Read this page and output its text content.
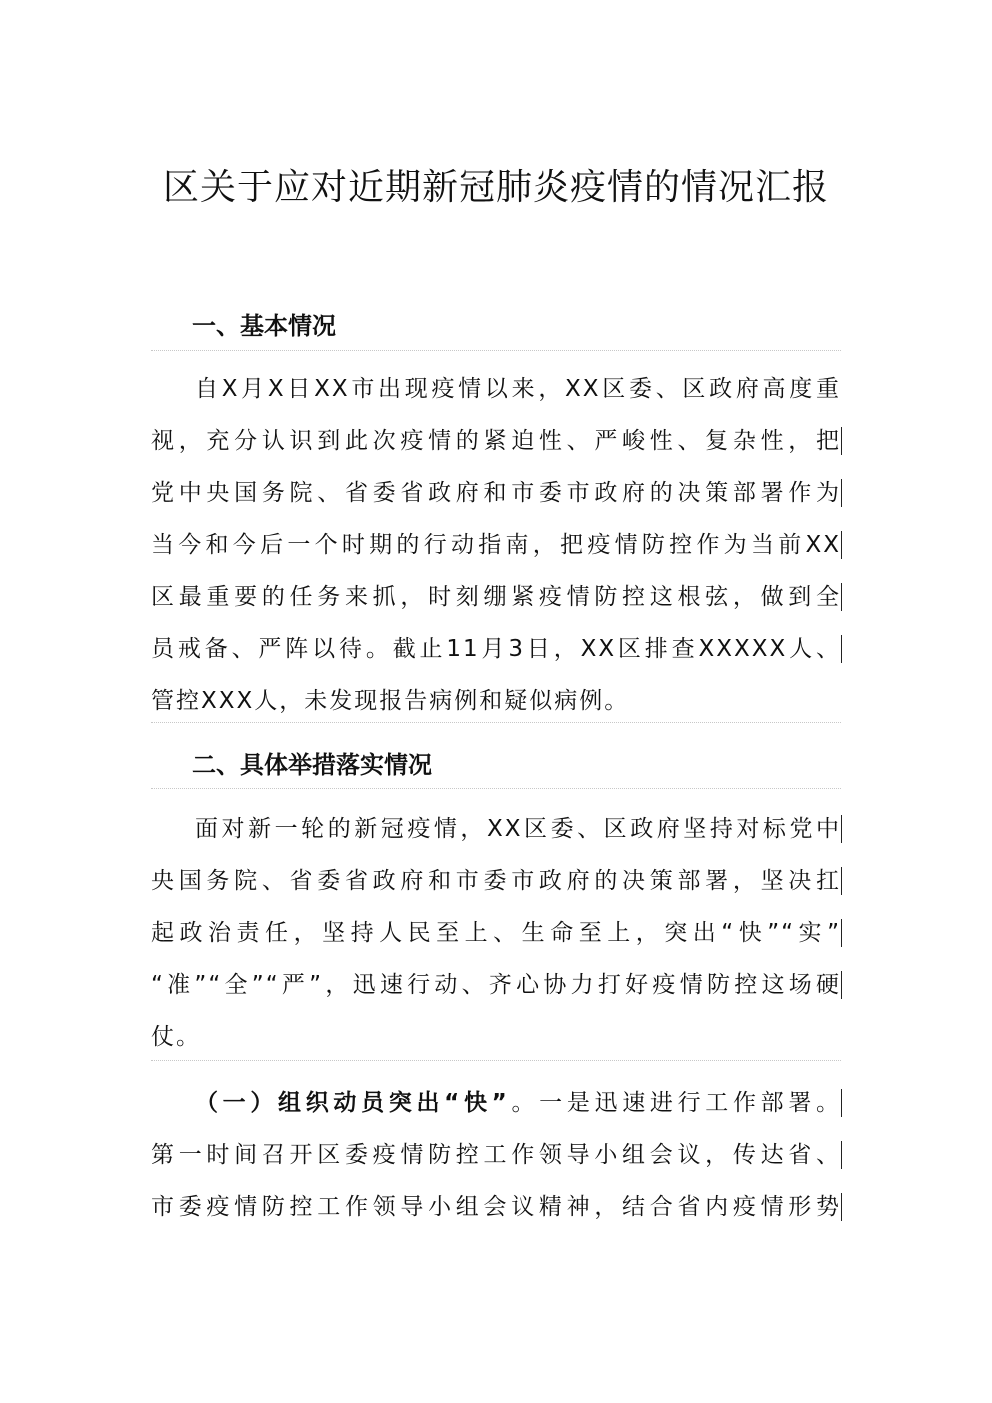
区关于应对近期新冠肺炎疫情的情况汇报
一、基本情况
自X月X日XX市出现疫情以来，XX区委、区政府高度重
视，充分认识到此次疫情的紧迫性、严峻性、复杂性，把
党中央国务院、省委省政府和市委市政府的决策部署作为
当今和今后一个时期的行动指南，把疫情防控作为当前XX
区最重要的任务来抓，时刻绷紧疫情防控这根弦，做到全
员戒备、严阵以待。截止11月3日，XX区排查XXXXX人、
管控XXX人，未发现报告病例和疑似病例。
二、具体举措落实情况
面对新一轮的新冠疫情，XX区委、区政府坚持对标党中
央国务院、省委省政府和市委市政府的决策部署，坚决扛
起政治责任，坚持人民至上、生命至上，突出“快”“实”
“准”“全”“严”，迅速行动、齐心协力打好疫情防控这场硬
仗。
（一）组织动员突出“快”。一是迅速进行工作部署。
第一时间召开区委疫情防控工作领导小组会议，传达省、
市委疫情防控工作领导小组会议精神，结合省内疫情形势
